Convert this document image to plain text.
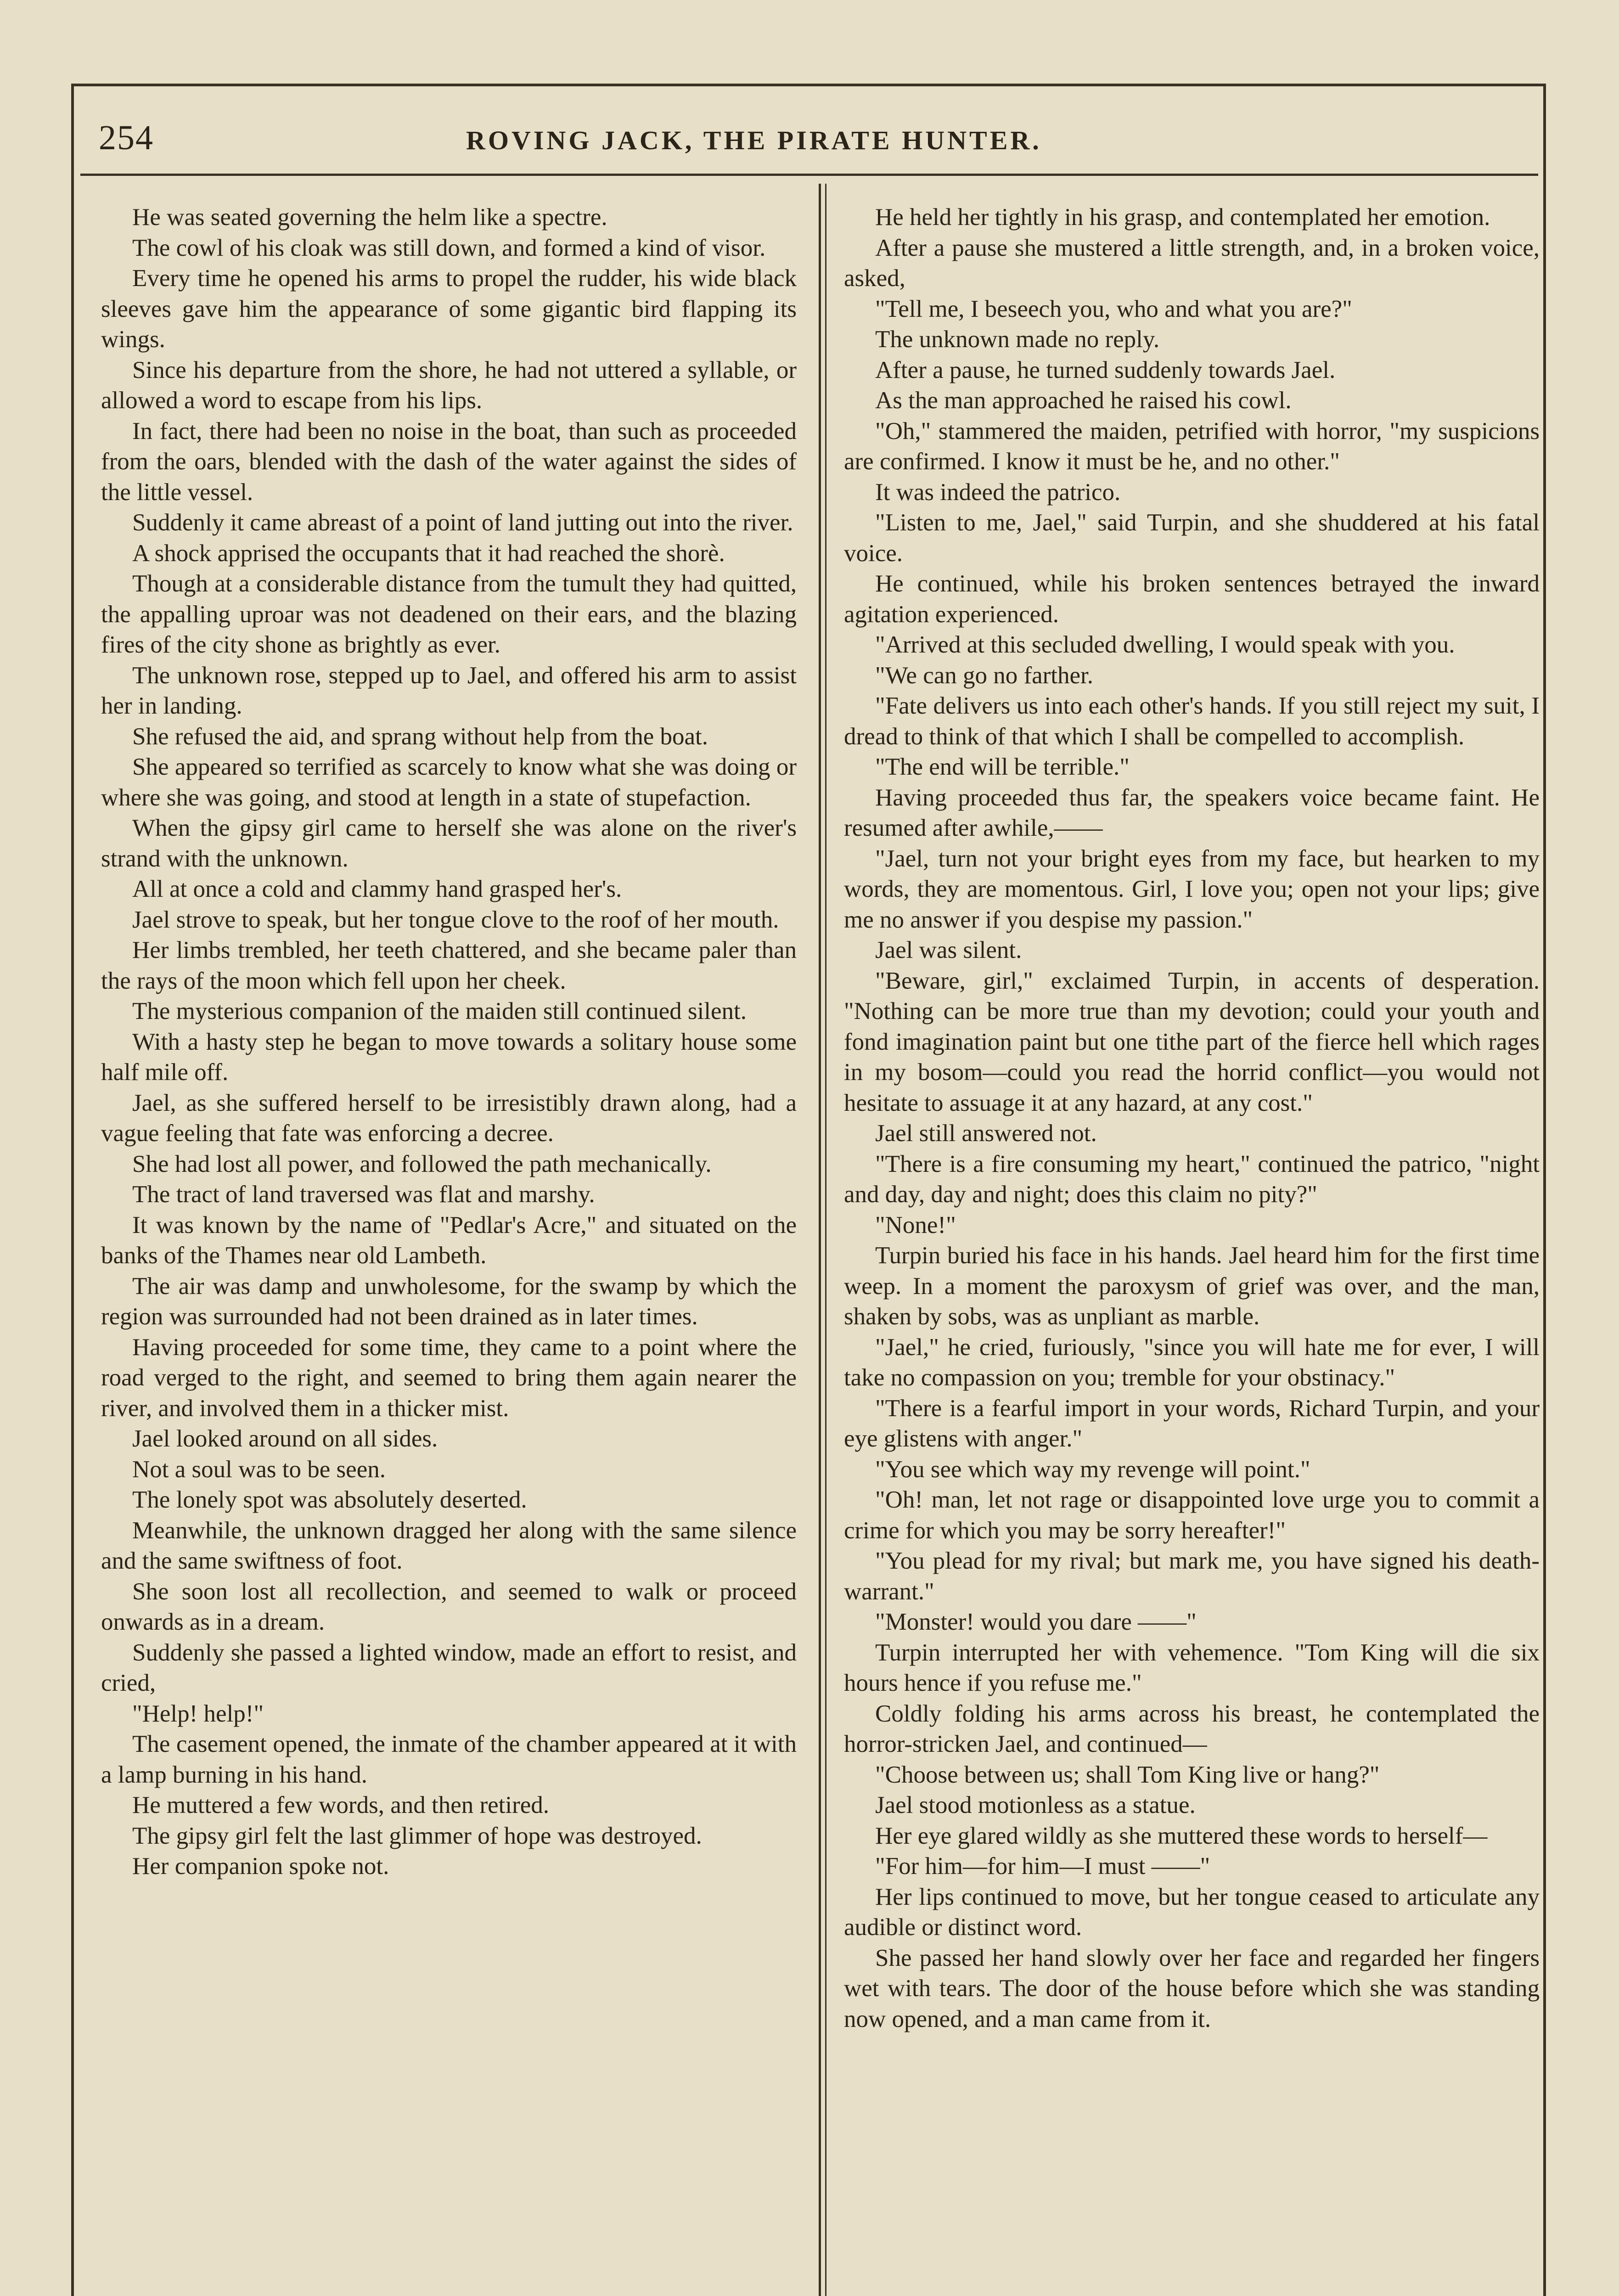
254	ROVING JACK, THE PIRATE HUNTER.

He was seated governing the helm like a spectre.

The cowl of his cloak was still down, and formed a kind of visor.

Every time he opened his arms to propel the rudder, his wide black sleeves gave him the appearance of some gigantic bird flapping its wings.

Since his departure from the shore, he had not uttered a syllable, or allowed a word to escape from his lips.

In fact, there had been no noise in the boat, than such as proceeded from the oars, blended with the dash of the water against the sides of the little vessel.

Suddenly it came abreast of a point of land jutting out into the river.

A shock apprised the occupants that it had reached the shorè.

Though at a considerable distance from the tumult they had quitted, the appalling uproar was not deadened on their ears, and the blazing fires of the city shone as brightly as ever.

The unknown rose, stepped up to Jael, and offered his arm to assist her in landing.

She refused the aid, and sprang without help from the boat.

She appeared so terrified as scarcely to know what she was doing or where she was going, and stood at length in a state of stupefaction.

When the gipsy girl came to herself she was alone on the river's strand with the unknown.

All at once a cold and clammy hand grasped her's.

Jael strove to speak, but her tongue clove to the roof of her mouth.

Her limbs trembled, her teeth chattered, and she became paler than the rays of the moon which fell upon her cheek.

The mysterious companion of the maiden still continued silent.

With a hasty step he began to move towards a solitary house some half mile off.

Jael, as she suffered herself to be irresistibly drawn along, had a vague feeling that fate was enforcing a decree.

She had lost all power, and followed the path mechanically.

The tract of land traversed was flat and marshy.

It was known by the name of "Pedlar's Acre," and situated on the banks of the Thames near old Lambeth.

The air was damp and unwholesome, for the swamp by which the region was surrounded had not been drained as in later times.

Having proceeded for some time, they came to a point where the road verged to the right, and seemed to bring them again nearer the river, and involved them in a thicker mist.

Jael looked around on all sides.

Not a soul was to be seen.

The lonely spot was absolutely deserted.

Meanwhile, the unknown dragged her along with the same silence and the same swiftness of foot.

She soon lost all recollection, and seemed to walk or proceed onwards as in a dream.

Suddenly she passed a lighted window, made an effort to resist, and cried,

"Help! help!"

The casement opened, the inmate of the chamber appeared at it with a lamp burning in his hand.

He muttered a few words, and then retired.

The gipsy girl felt the last glimmer of hope was destroyed.

Her companion spoke not.

He held her tightly in his grasp, and contemplated her emotion.

After a pause she mustered a little strength, and, in a broken voice, asked,

"Tell me, I beseech you, who and what you are?"

The unknown made no reply.

After a pause, he turned suddenly towards Jael.

As the man approached he raised his cowl.

"Oh," stammered the maiden, petrified with horror, "my suspicions are confirmed. I know it must be he, and no other."

It was indeed the patrico.

"Listen to me, Jael," said Turpin, and she shuddered at his fatal voice.

He continued, while his broken sentences betrayed the inward agitation experienced.

"Arrived at this secluded dwelling, I would speak with you.

"We can go no farther.

"Fate delivers us into each other's hands. If you still reject my suit, I dread to think of that which I shall be compelled to accomplish.

"The end will be terrible."

Having proceeded thus far, the speakers voice became faint. He resumed after awhile,——

"Jael, turn not your bright eyes from my face, but hearken to my words, they are momentous. Girl, I love you; open not your lips; give me no answer if you despise my passion."

Jael was silent.

"Beware, girl," exclaimed Turpin, in accents of desperation. "Nothing can be more true than my devotion; could your youth and fond imagination paint but one tithe part of the fierce hell which rages in my bosom—could you read the horrid conflict—you would not hesitate to assuage it at any hazard, at any cost."

Jael still answered not.

"There is a fire consuming my heart," continued the patrico, "night and day, day and night; does this claim no pity?"

"None!"

Turpin buried his face in his hands. Jael heard him for the first time weep. In a moment the paroxysm of grief was over, and the man, shaken by sobs, was as unpliant as marble.

"Jael," he cried, furiously, "since you will hate me for ever, I will take no compassion on you; tremble for your obstinacy."

"There is a fearful import in your words, Richard Turpin, and your eye glistens with anger."

"You see which way my revenge will point."

"Oh! man, let not rage or disappointed love urge you to commit a crime for which you may be sorry hereafter!"

"You plead for my rival; but mark me, you have signed his death-warrant."

"Monster! would you dare ——"

Turpin interrupted her with vehemence. "Tom King will die six hours hence if you refuse me."

Coldly folding his arms across his breast, he contemplated the horror-stricken Jael, and continued—

"Choose between us; shall Tom King live or hang?"

Jael stood motionless as a statue.

Her eye glared wildly as she muttered these words to herself—

"For him—for him—I must ——"

Her lips continued to move, but her tongue ceased to articulate any audible or distinct word.

She passed her hand slowly over her face and regarded her fingers wet with tears. The door of the house before which she was standing now opened, and a man came from it.
